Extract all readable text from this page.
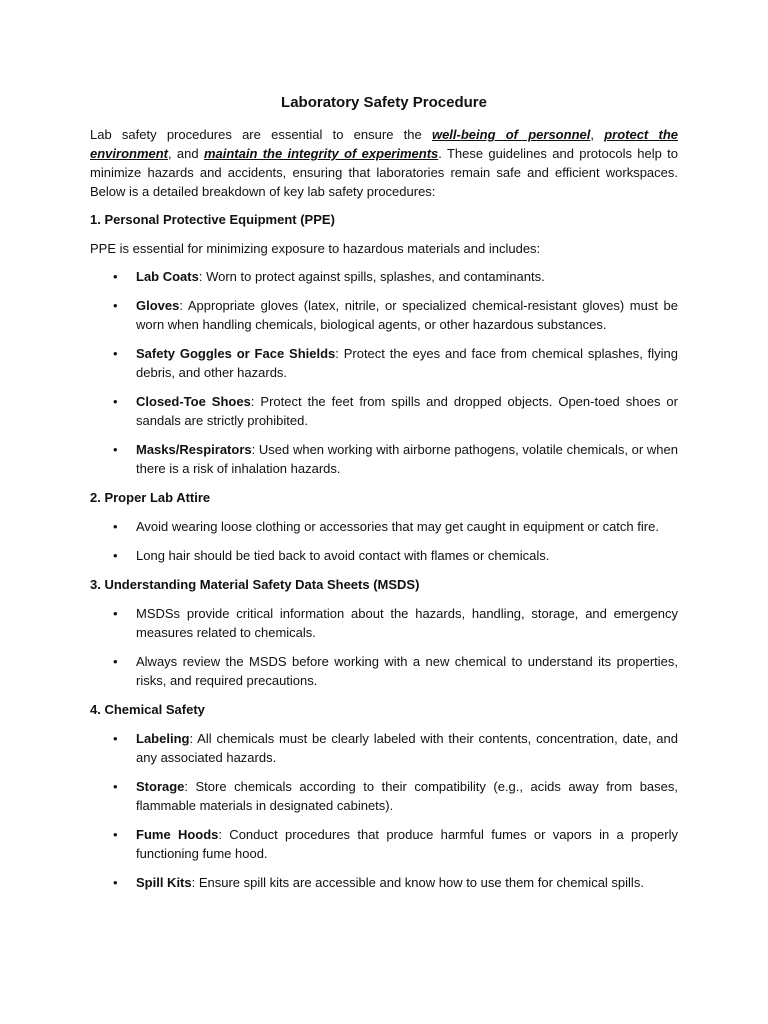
Laboratory Safety Procedure

Lab safety procedures are essential to ensure the well-being of personnel, protect the environment, and maintain the integrity of experiments. These guidelines and protocols help to minimize hazards and accidents, ensuring that laboratories remain safe and efficient workspaces. Below is a detailed breakdown of key lab safety procedures:

1. Personal Protective Equipment (PPE)

PPE is essential for minimizing exposure to hazardous materials and includes:

• Lab Coats: Worn to protect against spills, splashes, and contaminants.
• Gloves: Appropriate gloves (latex, nitrile, or specialized chemical-resistant gloves) must be worn when handling chemicals, biological agents, or other hazardous substances.
• Safety Goggles or Face Shields: Protect the eyes and face from chemical splashes, flying debris, and other hazards.
• Closed-Toe Shoes: Protect the feet from spills and dropped objects. Open-toed shoes or sandals are strictly prohibited.
• Masks/Respirators: Used when working with airborne pathogens, volatile chemicals, or when there is a risk of inhalation hazards.
2. Proper Lab Attire
• Avoid wearing loose clothing or accessories that may get caught in equipment or catch fire.
• Long hair should be tied back to avoid contact with flames or chemicals.
3. Understanding Material Safety Data Sheets (MSDS)
• MSDSs provide critical information about the hazards, handling, storage, and emergency measures related to chemicals.
• Always review the MSDS before working with a new chemical to understand its properties, risks, and required precautions.
4. Chemical Safety
• Labeling: All chemicals must be clearly labeled with their contents, concentration, date, and any associated hazards.
• Storage: Store chemicals according to their compatibility (e.g., acids away from bases, flammable materials in designated cabinets).
• Fume Hoods: Conduct procedures that produce harmful fumes or vapors in a properly functioning fume hood.
• Spill Kits: Ensure spill kits are accessible and know how to use them for chemical spills.
